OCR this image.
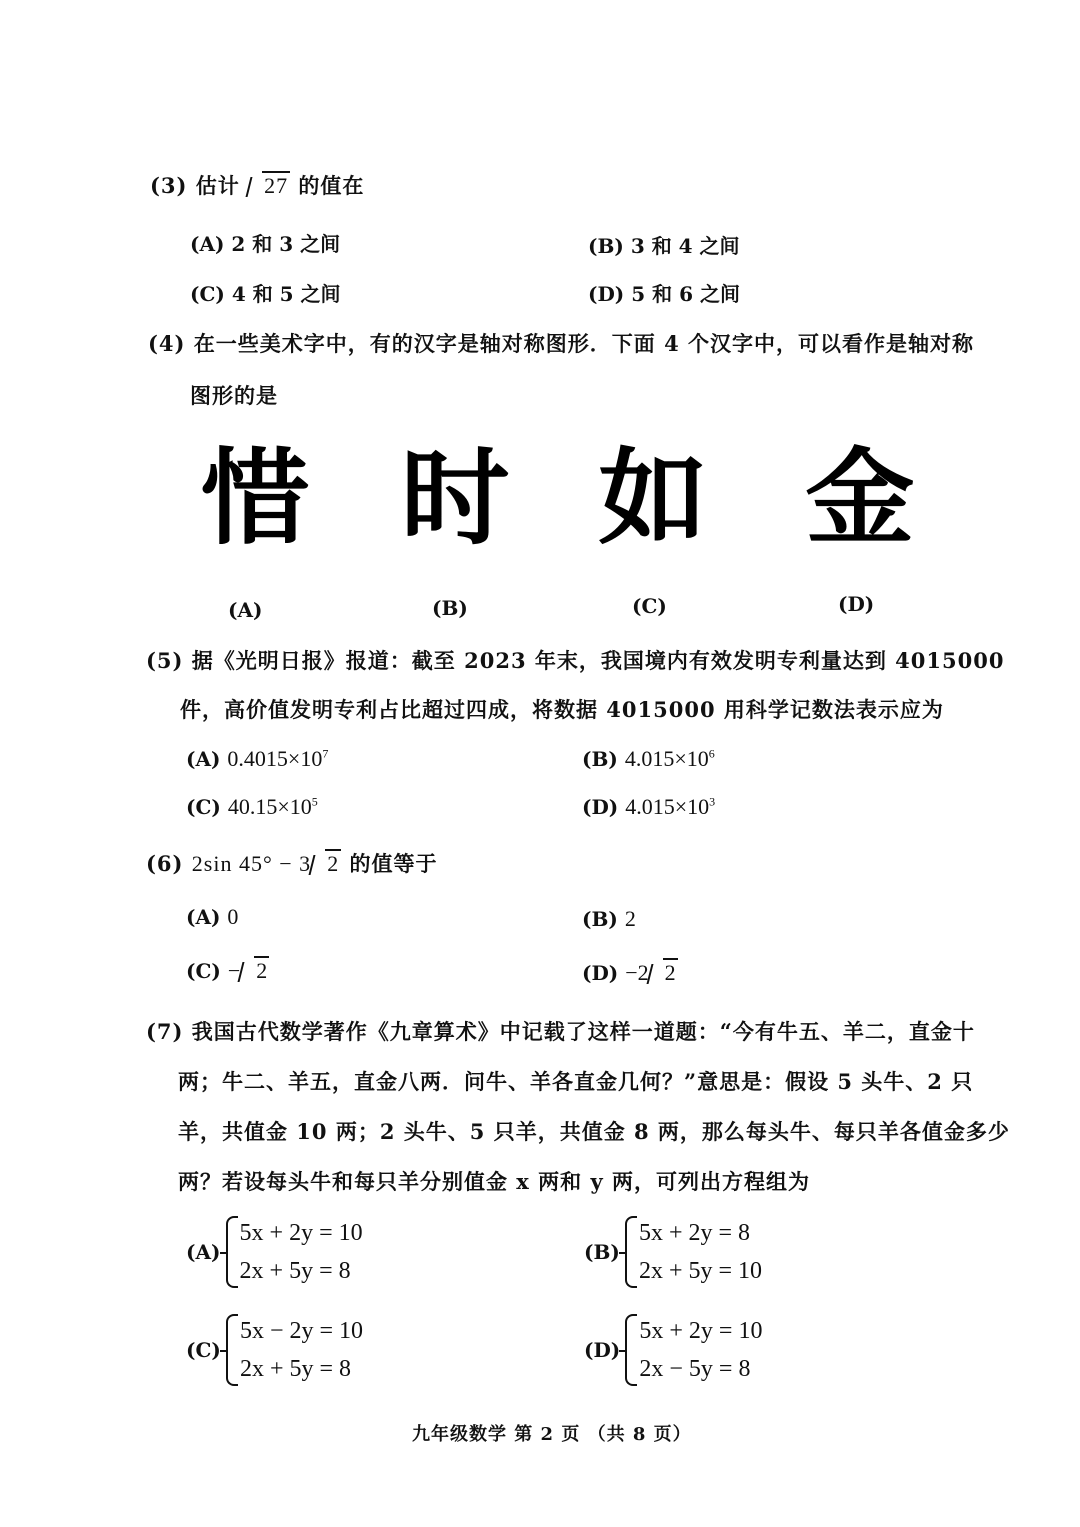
(3) 估计 27 的值在
(A) 2 和 3 之间	(B) 3 和 4 之间
(C) 4 和 5 之间	(D) 5 和 6 之间
(4) 在一些美术字中，有的汉字是轴对称图形．下面 4 个汉字中，可以看作是轴对称
图形的是
惜 时 如 金
(A)	(B)	(C)	(D)
(5) 据《光明日报》报道：截至 2023 年末，我国境内有效发明专利量达到 4015000
件，高价值发明专利占比超过四成，将数据 4015000 用科学记数法表示应为
(A) $0.4015\times 10^7$	(B) $4.015\times 10^6$
(C) $40.15\times 10^5$	(D) $4.015\times 10^3$
(6) 2sin 45° − 3 2 的值等于
(A) 0	(B) 2
(C) − 2	(D) −2 2
(7) 我国古代数学著作《九章算术》中记载了这样一道题：“今有牛五、羊二，直金十
两；牛二、羊五，直金八两．问牛、羊各直金几何？”意思是：假设 5 头牛、2 只
羊，共值金 10 两；2 头牛、5 只羊，共值金 8 两，那么每头牛、每只羊各值金多少
两？若设每头牛和每只羊分别值金 x 两和 y 两，可列出方程组为
(A)
5x + 2y = 10
2x + 5y = 8
(B)
5x + 2y = 8
2x + 5y = 10
(C)
5x − 2y = 10
2x + 5y = 8
(D)
5x + 2y = 10
2x − 5y = 8
九年级数学 第 2 页 （共 8 页）
